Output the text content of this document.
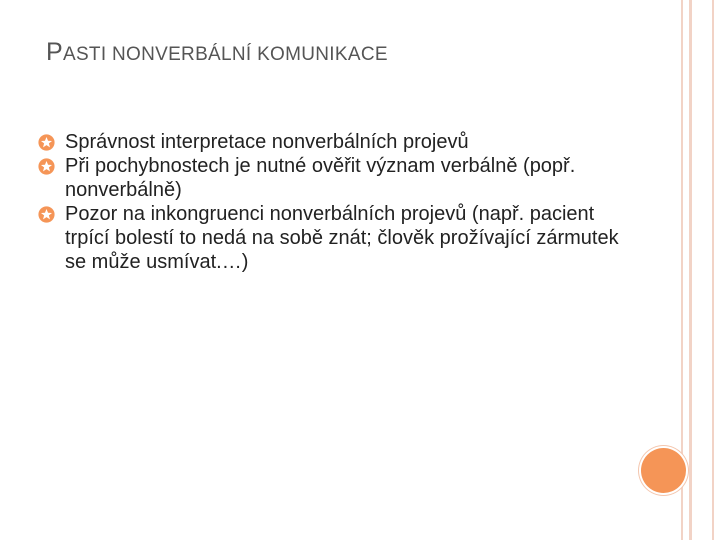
PASTI NONVERBÁLNÍ KOMUNIKACE
Správnost interpretace nonverbálních projevů
Při pochybnostech je nutné ověřit význam verbálně (popř. nonverbálně)
Pozor na inkongruenci nonverbálních projevů (např. pacient trpící bolestí to nedá na sobě znát; člověk prožívající zármutek se může usmívat.…)
